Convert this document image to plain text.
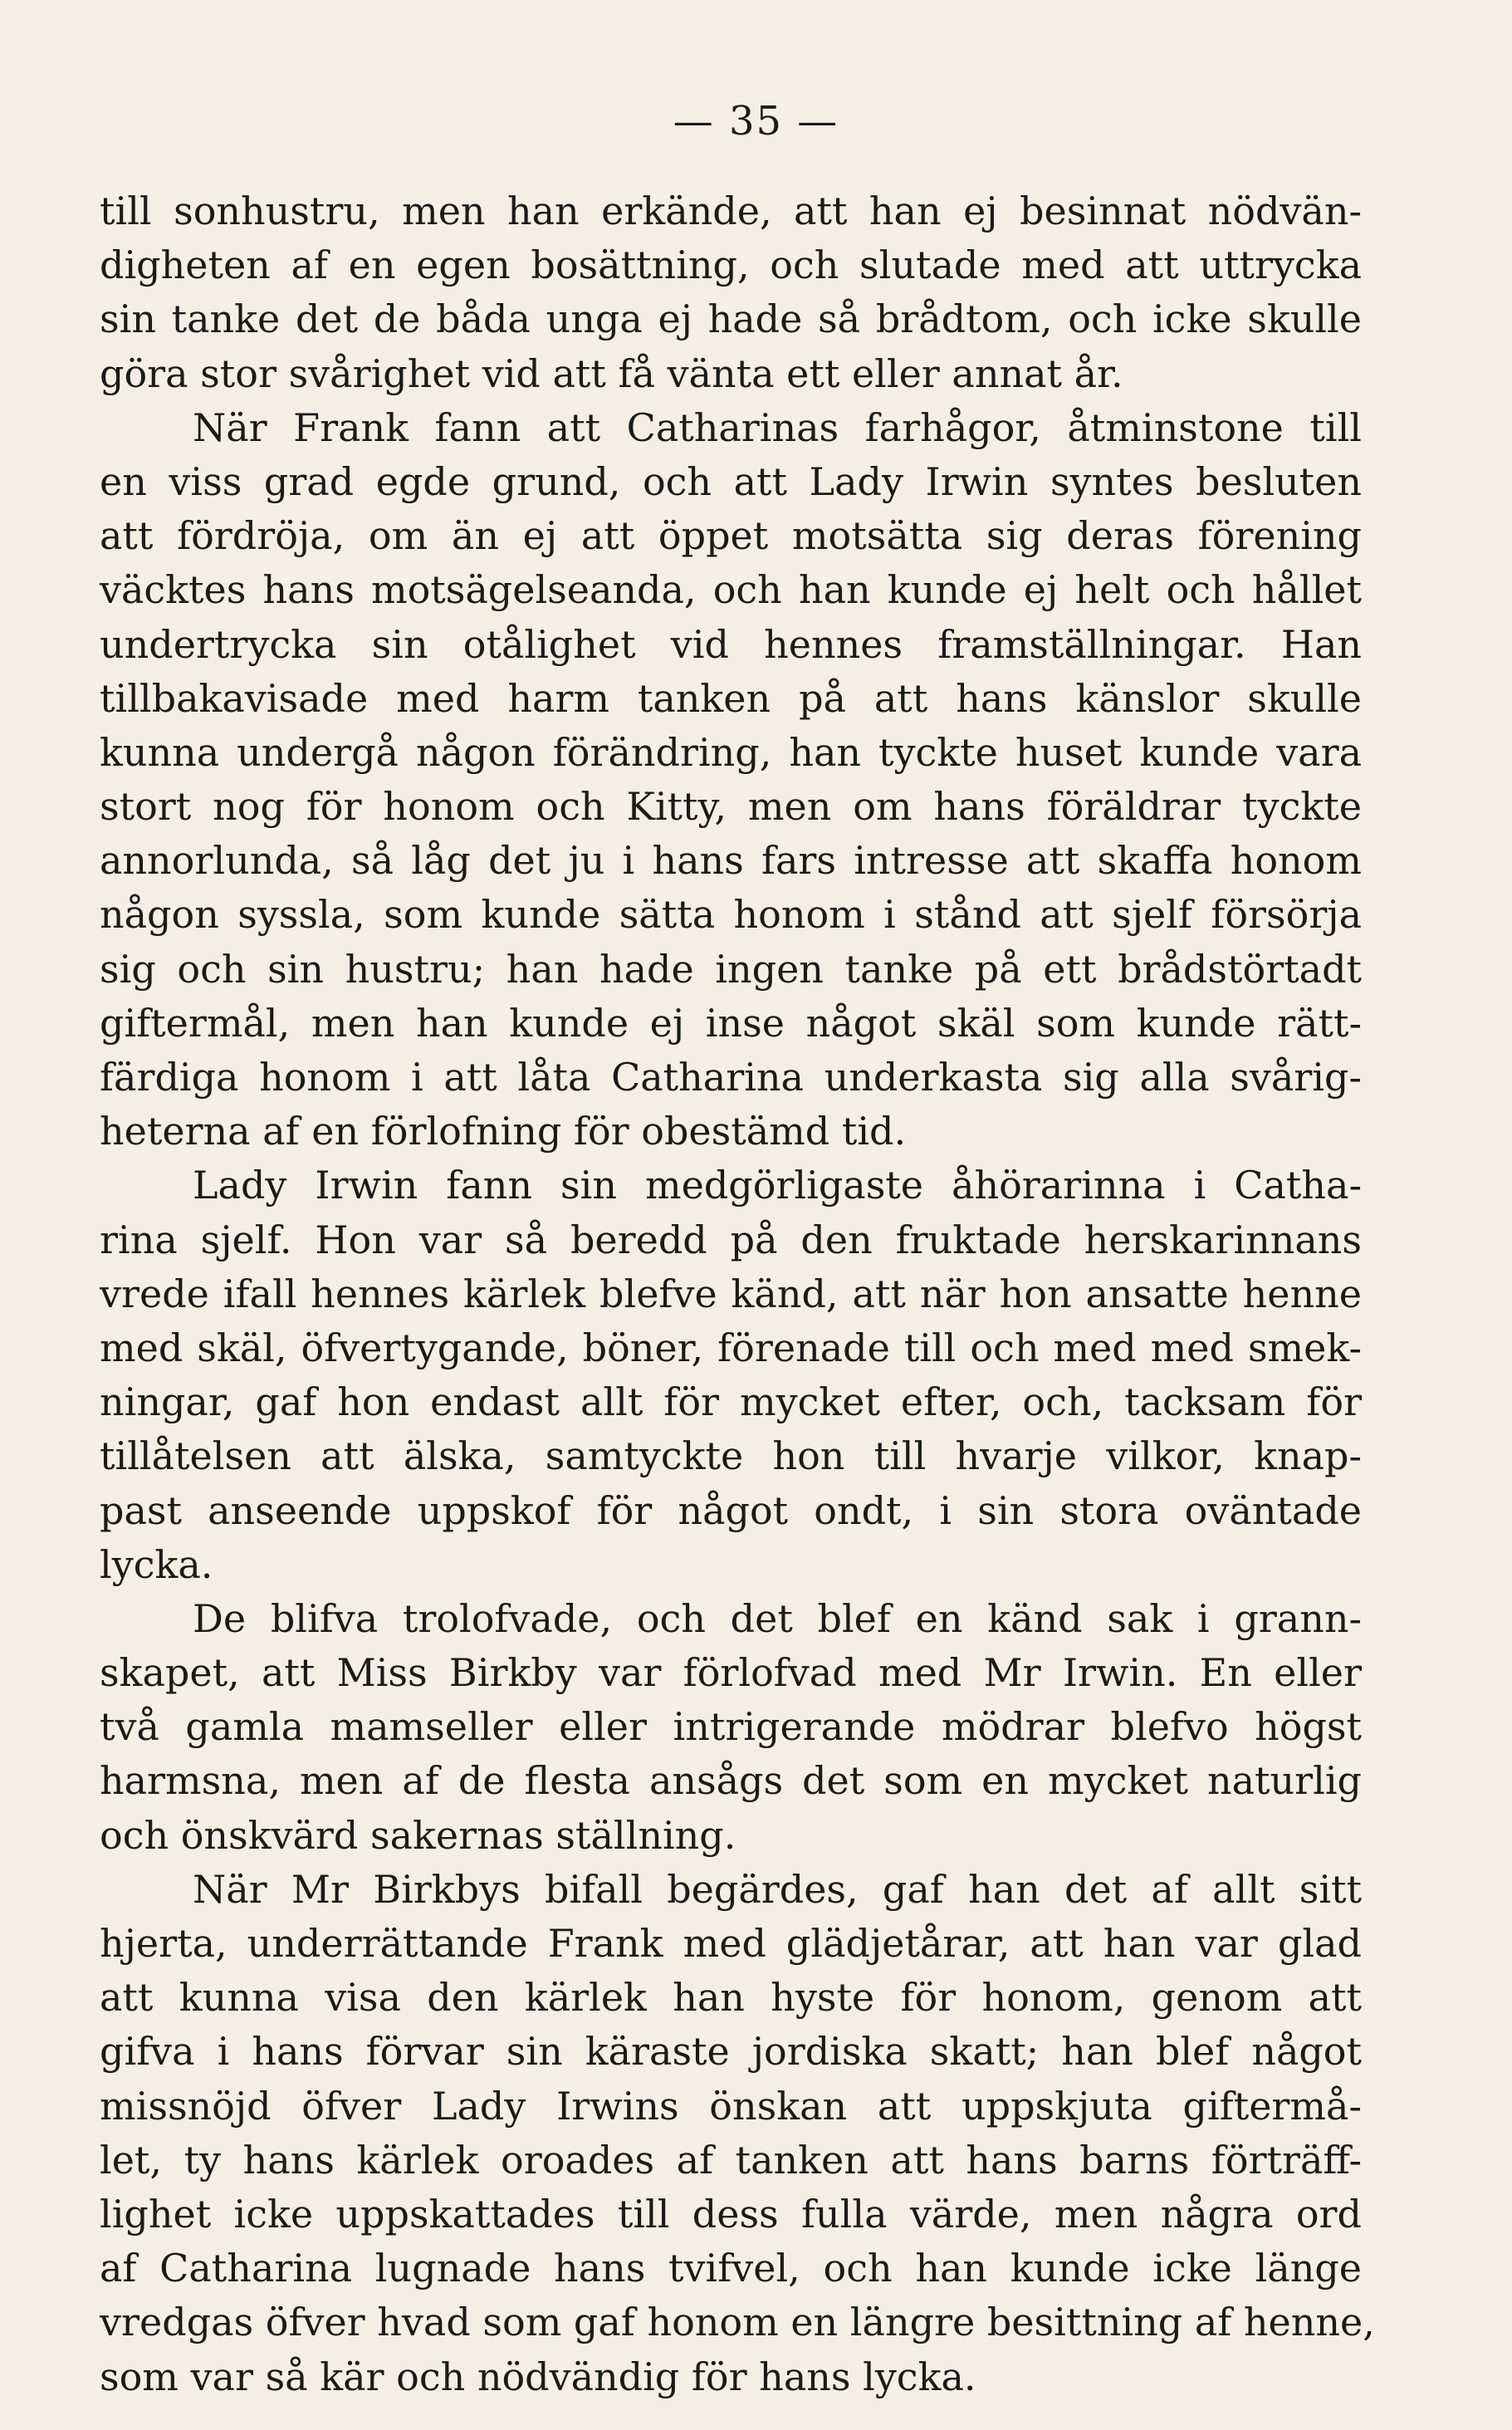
— 35 —
till sonhustru, men han erkände, att han ej besinnat nödvän-
digheten af en egen bosättning, och slutade med att uttrycka
sin tanke det de båda unga ej hade så brådtom, och icke skulle
göra stor svårighet vid att få vänta ett eller annat år.
När Frank fann att Catharinas farhågor, åtminstone till
en viss grad egde grund, och att Lady Irwin syntes besluten
att fördröja, om än ej att öppet motsätta sig deras förening
väcktes hans motsägelseanda, och han kunde ej helt och hållet
undertrycka sin otålighet vid hennes framställningar. Han
tillbakavisade med harm tanken på att hans känslor skulle
kunna undergå någon förändring, han tyckte huset kunde vara
stort nog för honom och Kitty, men om hans föräldrar tyckte
annorlunda, så låg det ju i hans fars intresse att skaffa honom
någon syssla, som kunde sätta honom i stånd att sjelf försörja
sig och sin hustru; han hade ingen tanke på ett brådstörtadt
giftermål, men han kunde ej inse något skäl som kunde rätt-
färdiga honom i att låta Catharina underkasta sig alla svårig-
heterna af en förlofning för obestämd tid.
Lady Irwin fann sin medgörligaste åhörarinna i Catha-
rina sjelf. Hon var så beredd på den fruktade herskarinnans
vrede ifall hennes kärlek blefve känd, att när hon ansatte henne
med skäl, öfvertygande, böner, förenade till och med med smek-
ningar, gaf hon endast allt för mycket efter, och, tacksam för
tillåtelsen att älska, samtyckte hon till hvarje vilkor, knap-
past anseende uppskof för något ondt, i sin stora oväntade
lycka.
De blifva trolofvade, och det blef en känd sak i grann-
skapet, att Miss Birkby var förlofvad med Mr Irwin. En eller
två gamla mamseller eller intrigerande mödrar blefvo högst
harmsna, men af de flesta ansågs det som en mycket naturlig
och önskvärd sakernas ställning.
När Mr Birkbys bifall begärdes, gaf han det af allt sitt
hjerta, underrättande Frank med glädjetårar, att han var glad
att kunna visa den kärlek han hyste för honom, genom att
gifva i hans förvar sin käraste jordiska skatt; han blef något
missnöjd öfver Lady Irwins önskan att uppskjuta giftermå-
let, ty hans kärlek oroades af tanken att hans barns förträff-
lighet icke uppskattades till dess fulla värde, men några ord
af Catharina lugnade hans tvifvel, och han kunde icke länge
vredgas öfver hvad som gaf honom en längre besittning af henne,
som var så kär och nödvändig för hans lycka.
